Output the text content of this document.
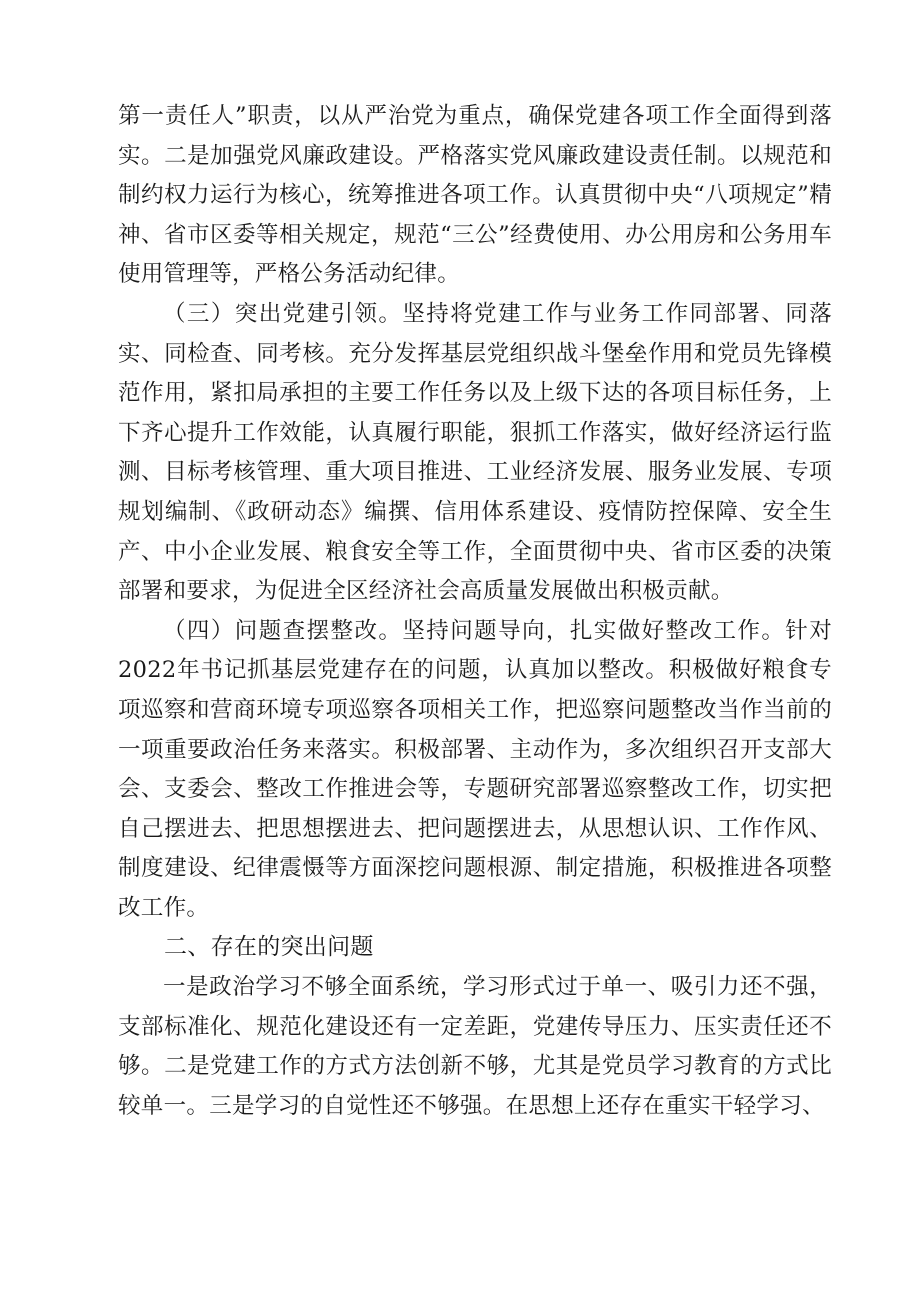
第一责任人”职责，以从严治党为重点，确保党建各项工作全面得到落实。二是加强党风廉政建设。严格落实党风廉政建设责任制。以规范和制约权力运行为核心，统筹推进各项工作。认真贯彻中央“八项规定”精神、省市区委等相关规定，规范“三公”经费使用、办公用房和公务用车使用管理等，严格公务活动纪律。

（三）突出党建引领。坚持将党建工作与业务工作同部署、同落实、同检查、同考核。充分发挥基层党组织战斗堡垒作用和党员先锋模范作用，紧扣局承担的主要工作任务以及上级下达的各项目标任务，上下齐心提升工作效能，认真履行职能，狠抓工作落实，做好经济运行监测、目标考核管理、重大项目推进、工业经济发展、服务业发展、专项规划编制、《政研动态》编撰、信用体系建设、疫情防控保障、安全生产、中小企业发展、粮食安全等工作，全面贯彻中央、省市区委的决策部署和要求，为促进全区经济社会高质量发展做出积极贡献。

（四）问题查摆整改。坚持问题导向，扎实做好整改工作。针对2022年书记抓基层党建存在的问题，认真加以整改。积极做好粮食专项巡察和营商环境专项巡察各项相关工作，把巡察问题整改当作当前的一项重要政治任务来落实。积极部署、主动作为，多次组织召开支部大会、支委会、整改工作推进会等，专题研究部署巡察整改工作，切实把自己摆进去、把思想摆进去、把问题摆进去，从思想认识、工作作风、制度建设、纪律震慑等方面深挖问题根源、制定措施，积极推进各项整改工作。

二、存在的突出问题

一是政治学习不够全面系统，学习形式过于单一、吸引力还不强，支部标准化、规范化建设还有一定差距，党建传导压力、压实责任还不够。二是党建工作的方式方法创新不够，尤其是党员学习教育的方式比较单一。三是学习的自觉性还不够强。在思想上还存在重实干轻学习、
